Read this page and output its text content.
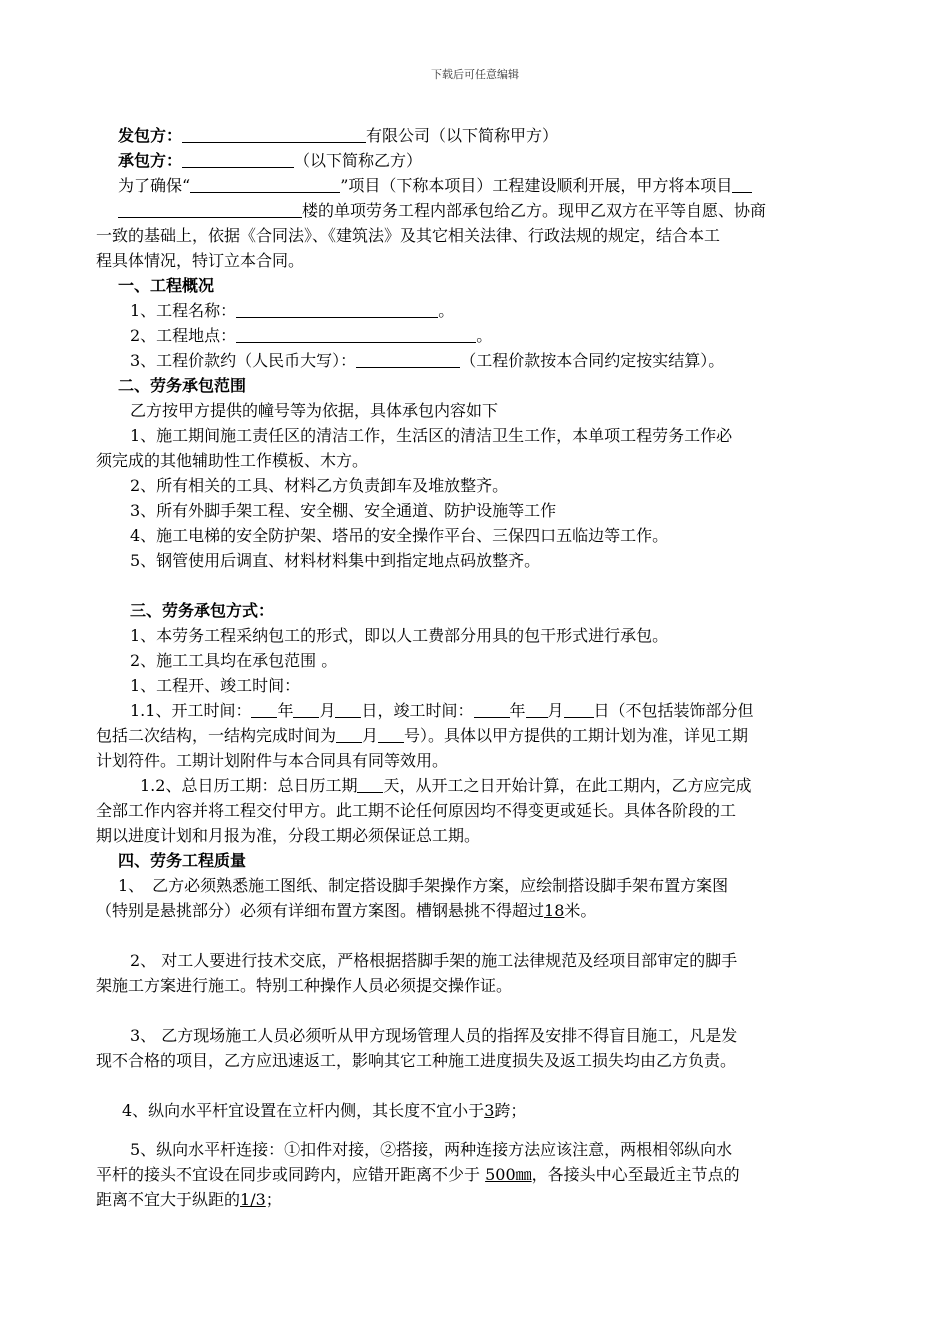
下载后可任意编辑
发包方：	有限公司（以下简称甲方）
承包方：	（以下简称乙方）
为了确保“	”项目（下称本项目）工程建设顺利开展，甲方将本项目
楼的单项劳务工程内部承包给乙方。现甲乙双方在平等自愿、协商
一致的基础上，依据《合同法》、《建筑法》及其它相关法律、行政法规的规定，结合本工
程具体情况，特订立本合同。
一、工程概况
1、工程名称：	。
2、工程地点：	。
3、工程价款约（人民币大写）：	（工程价款按本合同约定按实结算）。
二、劳务承包范围
乙方按甲方提供的幢号等为依据，具体承包内容如下
1、施工期间施工责任区的清洁工作，生活区的清洁卫生工作，本单项工程劳务工作必
须完成的其他辅助性工作模板、木方。
2、所有相关的工具、材料乙方负责卸车及堆放整齐。
3、所有外脚手架工程、安全棚、安全通道、防护设施等工作
4、施工电梯的安全防护架、塔吊的安全操作平台、三保四口五临边等工作。
5、钢管使用后调直、材料材料集中到指定地点码放整齐。
三、劳务承包方式：
1、本劳务工程采纳包工的形式，即以人工费部分用具的包干形式进行承包。
2、施工工具均在承包范围 。
1、工程开、竣工时间：
1.1、开工时间： 年 月 日，竣工时间： 年 月 日（不包括装饰部分但
包括二次结构，一结构完成时间为 月 号）。具体以甲方提供的工期计划为准，详见工期
计划符件。工期计划附件与本合同具有同等效用。
1.2、总日历工期：总日历工期 天，从开工之日开始计算，在此工期内，乙方应完成
全部工作内容并将工程交付甲方。此工期不论任何原因均不得变更或延长。具体各阶段的工
期以进度计划和月报为准，分段工期必须保证总工期。
四、劳务工程质量
1、　乙方必须熟悉施工图纸、制定搭设脚手架操作方案，应绘制搭设脚手架布置方案图
（特别是悬挑部分）必须有详细布置方案图。槽钢悬挑不得超过18米。
2、 对工人要进行技术交底，严格根据搭脚手架的施工法律规范及经项目部审定的脚手
架施工方案进行施工。特别工种操作人员必须提交操作证。
3、 乙方现场施工人员必须听从甲方现场管理人员的指挥及安排不得盲目施工，凡是发
现不合格的项目，乙方应迅速返工，影响其它工种施工进度损失及返工损失均由乙方负责。
4、纵向水平杆宜设置在立杆内侧，其长度不宜小于3跨；
5、纵向水平杆连接：①扣件对接，②搭接，两种连接方法应该注意，两根相邻纵向水
平杆的接头不宜设在同步或同跨内，应错开距离不少于 500㎜，各接头中心至最近主节点的
距离不宜大于纵距的1/3；
